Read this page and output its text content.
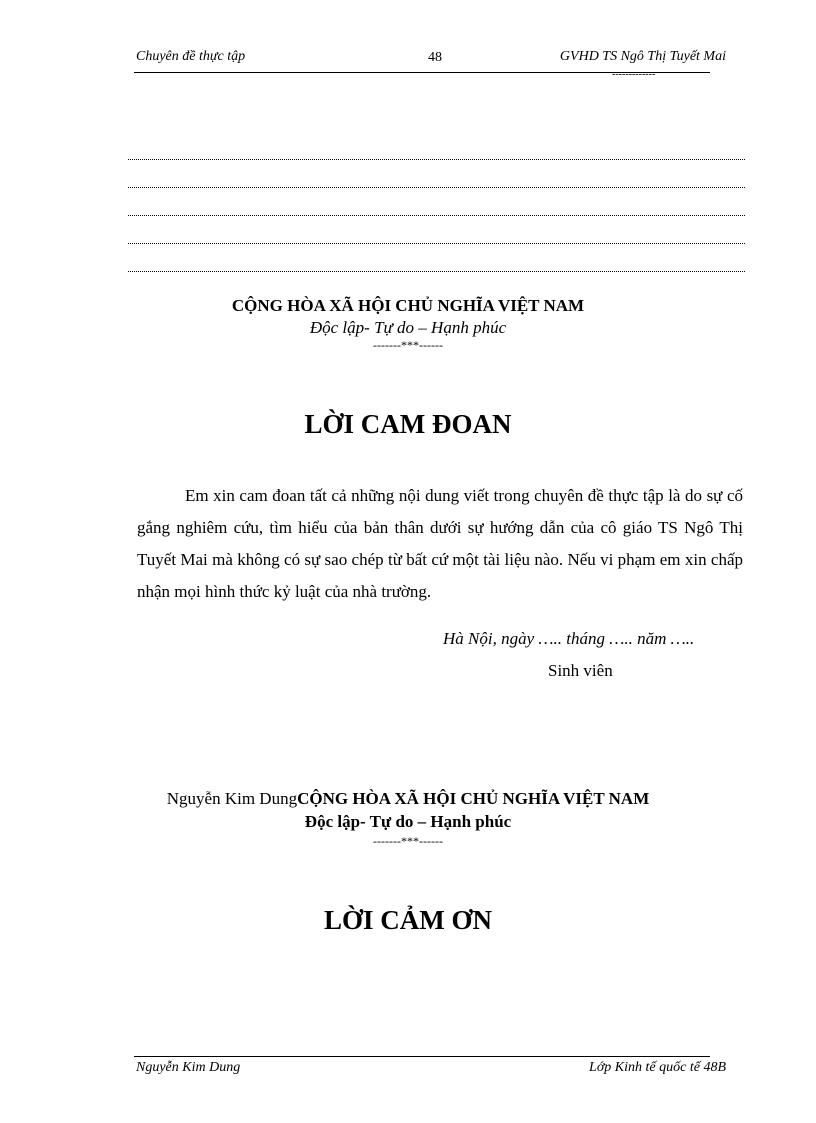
Chuyên đề thực tập	48	GVHD TS Ngô Thị Tuyết Mai
-------------
CỘNG HÒA XÃ HỘI CHỦ NGHĨA VIỆT NAM
Độc lập- Tự do – Hạnh phúc
-------***------
LỜI CAM ĐOAN
Em xin cam đoan tất cả những nội dung viết trong chuyên đề thực tập là do sự cố gắng nghiêm cứu, tìm hiểu của bản thân dưới sự hướng dẫn của cô giáo TS Ngô Thị Tuyết Mai mà không có sự sao chép từ bất cứ một tài liệu nào. Nếu vi phạm em xin chấp nhận mọi hình thức kỷ luật của nhà trường.
Hà Nội, ngày ….. tháng ….. năm …..
Sinh viên
Nguyễn Kim DungCỘNG HÒA XÃ HỘI CHỦ NGHĨA VIỆT NAM
Độc lập- Tự do – Hạnh phúc
-------***------
LỜI CẢM ƠN
Nguyễn Kim Dung	Lớp Kinh tế quốc tế 48B
